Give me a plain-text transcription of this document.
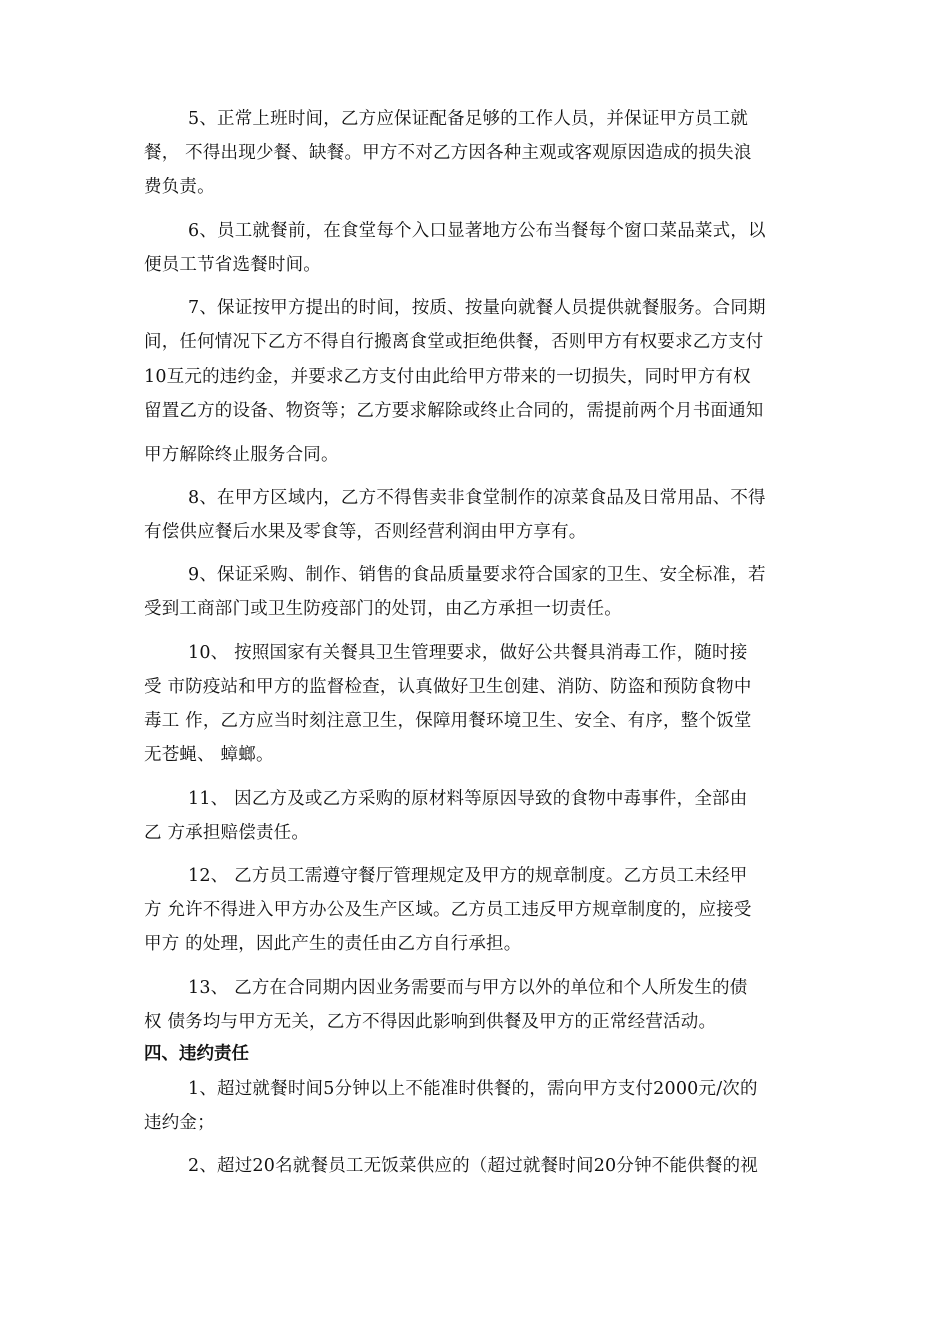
5、正常上班时间，乙方应保证配备足够的工作人员，并保证甲方员工就
餐， 不得出现少餐、缺餐。甲方不对乙方因各种主观或客观原因造成的损失浪
费负责。
6、员工就餐前，在食堂每个入口显著地方公布当餐每个窗口菜品菜式，以
便员工节省选餐时间。
7、保证按甲方提出的时间，按质、按量向就餐人员提供就餐服务。合同期
间，任何情况下乙方不得自行搬离食堂或拒绝供餐，否则甲方有权要求乙方支付
10互元的违约金，并要求乙方支付由此给甲方带来的一切损失，同时甲方有权
留置乙方的设备、物资等；乙方要求解除或终止合同的，需提前两个月书面通知
甲方解除终止服务合同。
8、在甲方区域内，乙方不得售卖非食堂制作的凉菜食品及日常用品、不得
有偿供应餐后水果及零食等，否则经营利润由甲方享有。
9、保证采购、制作、销售的食品质量要求符合国家的卫生、安全标准，若
受到工商部门或卫生防疫部门的处罚，由乙方承担一切责任。
10、 按照国家有关餐具卫生管理要求，做好公共餐具消毒工作，随时接
受 市防疫站和甲方的监督检查，认真做好卫生创建、消防、防盗和预防食物中
毒工 作，乙方应当时刻注意卫生，保障用餐环境卫生、安全、有序，整个饭堂
无苍蝇、 蟑螂。
11、 因乙方及或乙方采购的原材料等原因导致的食物中毒事件，全部由
乙 方承担赔偿责任。
12、 乙方员工需遵守餐厅管理规定及甲方的规章制度。乙方员工未经甲
方 允许不得进入甲方办公及生产区域。乙方员工违反甲方规章制度的，应接受
甲方 的处理，因此产生的责任由乙方自行承担。
13、 乙方在合同期内因业务需要而与甲方以外的单位和个人所发生的债
权 债务均与甲方无关，乙方不得因此影响到供餐及甲方的正常经营活动。
四、违约责任
1、超过就餐时间5分钟以上不能准时供餐的，需向甲方支付2000元/次的
违约金；
2、超过20名就餐员工无饭菜供应的（超过就餐时间20分钟不能供餐的视
